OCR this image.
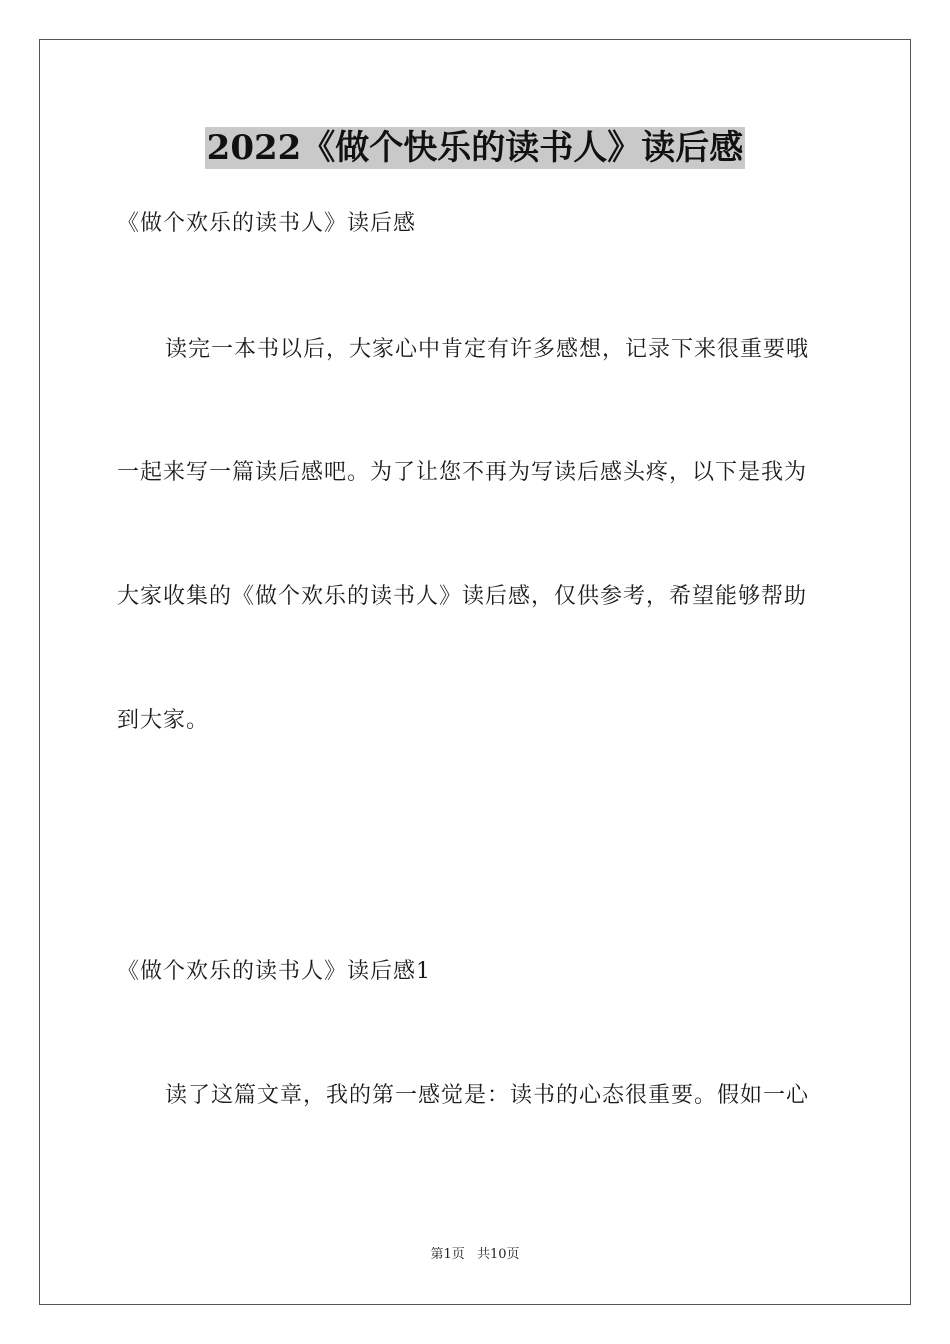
2022《做个快乐的读书人》读后感
《做个欢乐的读书人》读后感
读完一本书以后，大家心中肯定有许多感想，记录下来很重要哦
一起来写一篇读后感吧。为了让您不再为写读后感头疼，以下是我为
大家收集的《做个欢乐的读书人》读后感，仅供参考，希望能够帮助
到大家。
《做个欢乐的读书人》读后感1
读了这篇文章，我的第一感觉是：读书的心态很重要。假如一心
第1页 共10页
